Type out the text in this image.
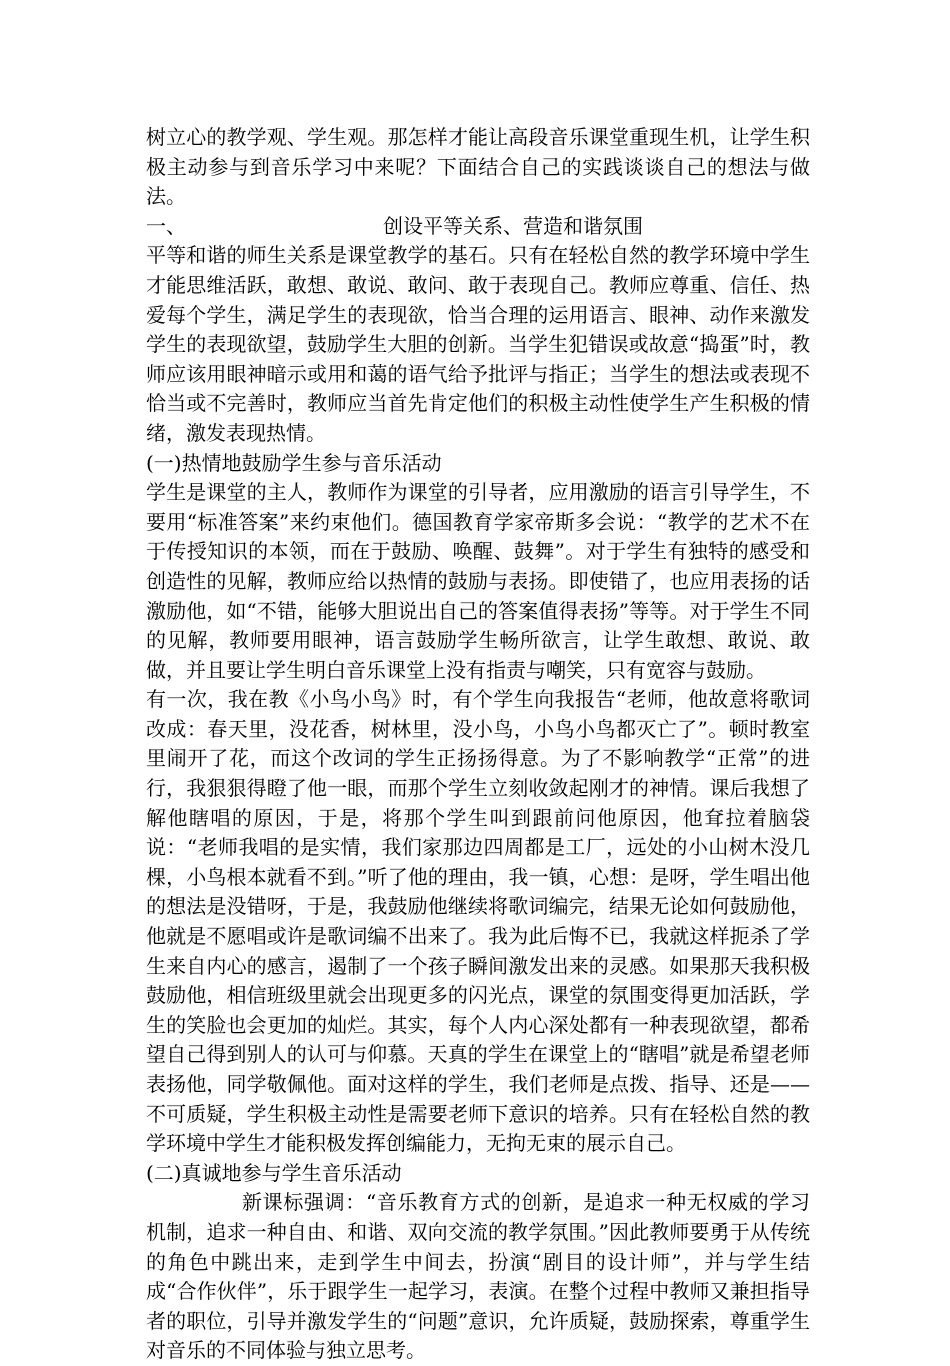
树立心的教学观、学生观。那怎样才能让高段音乐课堂重现生机，让学生积极主动参与到音乐学习中来呢？下面结合自己的实践谈谈自己的想法与做法。

一、	创设平等关系、营造和谐氛围

平等和谐的师生关系是课堂教学的基石。只有在轻松自然的教学环境中学生才能思维活跃，敢想、敢说、敢问、敢于表现自己。教师应尊重、信任、热爱每个学生，满足学生的表现欲，恰当合理的运用语言、眼神、动作来激发学生的表现欲望，鼓励学生大胆的创新。当学生犯错误或故意“捣蛋”时，教师应该用眼神暗示或用和蔼的语气给予批评与指正；当学生的想法或表现不恰当或不完善时，教师应当首先肯定他们的积极主动性使学生产生积极的情绪，激发表现热情。

(一)热情地鼓励学生参与音乐活动

学生是课堂的主人，教师作为课堂的引导者，应用激励的语言引导学生，不要用“标准答案”来约束他们。德国教育学家帝斯多会说：“教学的艺术不在于传授知识的本领，而在于鼓励、唤醒、鼓舞”。对于学生有独特的感受和创造性的见解，教师应给以热情的鼓励与表扬。即使错了，也应用表扬的话激励他，如“不错，能够大胆说出自己的答案值得表扬”等等。对于学生不同的见解，教师要用眼神，语言鼓励学生畅所欲言，让学生敢想、敢说、敢做，并且要让学生明白音乐课堂上没有指责与嘲笑，只有宽容与鼓励。

有一次，我在教《小鸟小鸟》时，有个学生向我报告“老师，他故意将歌词改成：春天里，没花香，树林里，没小鸟，小鸟小鸟都灭亡了”。顿时教室里闹开了花，而这个改词的学生正扬扬得意。为了不影响教学“正常”的进行，我狠狠得瞪了他一眼，而那个学生立刻收敛起刚才的神情。课后我想了解他瞎唱的原因，于是，将那个学生叫到跟前问他原因，他耷拉着脑袋说：“老师我唱的是实情，我们家那边四周都是工厂，远处的小山树木没几棵，小鸟根本就看不到。”听了他的理由，我一镇，心想：是呀，学生唱出他的想法是没错呀，于是，我鼓励他继续将歌词编完，结果无论如何鼓励他，他就是不愿唱或许是歌词编不出来了。我为此后悔不已，我就这样扼杀了学生来自内心的感言，遏制了一个孩子瞬间激发出来的灵感。如果那天我积极鼓励他，相信班级里就会出现更多的闪光点，课堂的氛围变得更加活跃，学生的笑脸也会更加的灿烂。其实，每个人内心深处都有一种表现欲望，都希望自己得到别人的认可与仰慕。天真的学生在课堂上的“瞎唱”就是希望老师表扬他，同学敬佩他。面对这样的学生，我们老师是点拨、指导、还是——不可质疑，学生积极主动性是需要老师下意识的培养。只有在轻松自然的教学环境中学生才能积极发挥创编能力，无拘无束的展示自己。

(二)真诚地参与学生音乐活动

新课标强调：“音乐教育方式的创新，是追求一种无权威的学习机制，追求一种自由、和谐、双向交流的教学氛围。”因此教师要勇于从传统的角色中跳出来，走到学生中间去，扮演“剧目的设计师”，并与学生结成“合作伙伴”，乐于跟学生一起学习，表演。在整个过程中教师又兼担指导者的职位，引导并激发学生的“问题”意识，允许质疑，鼓励探索，尊重学生对音乐的不同体验与独立思考。
